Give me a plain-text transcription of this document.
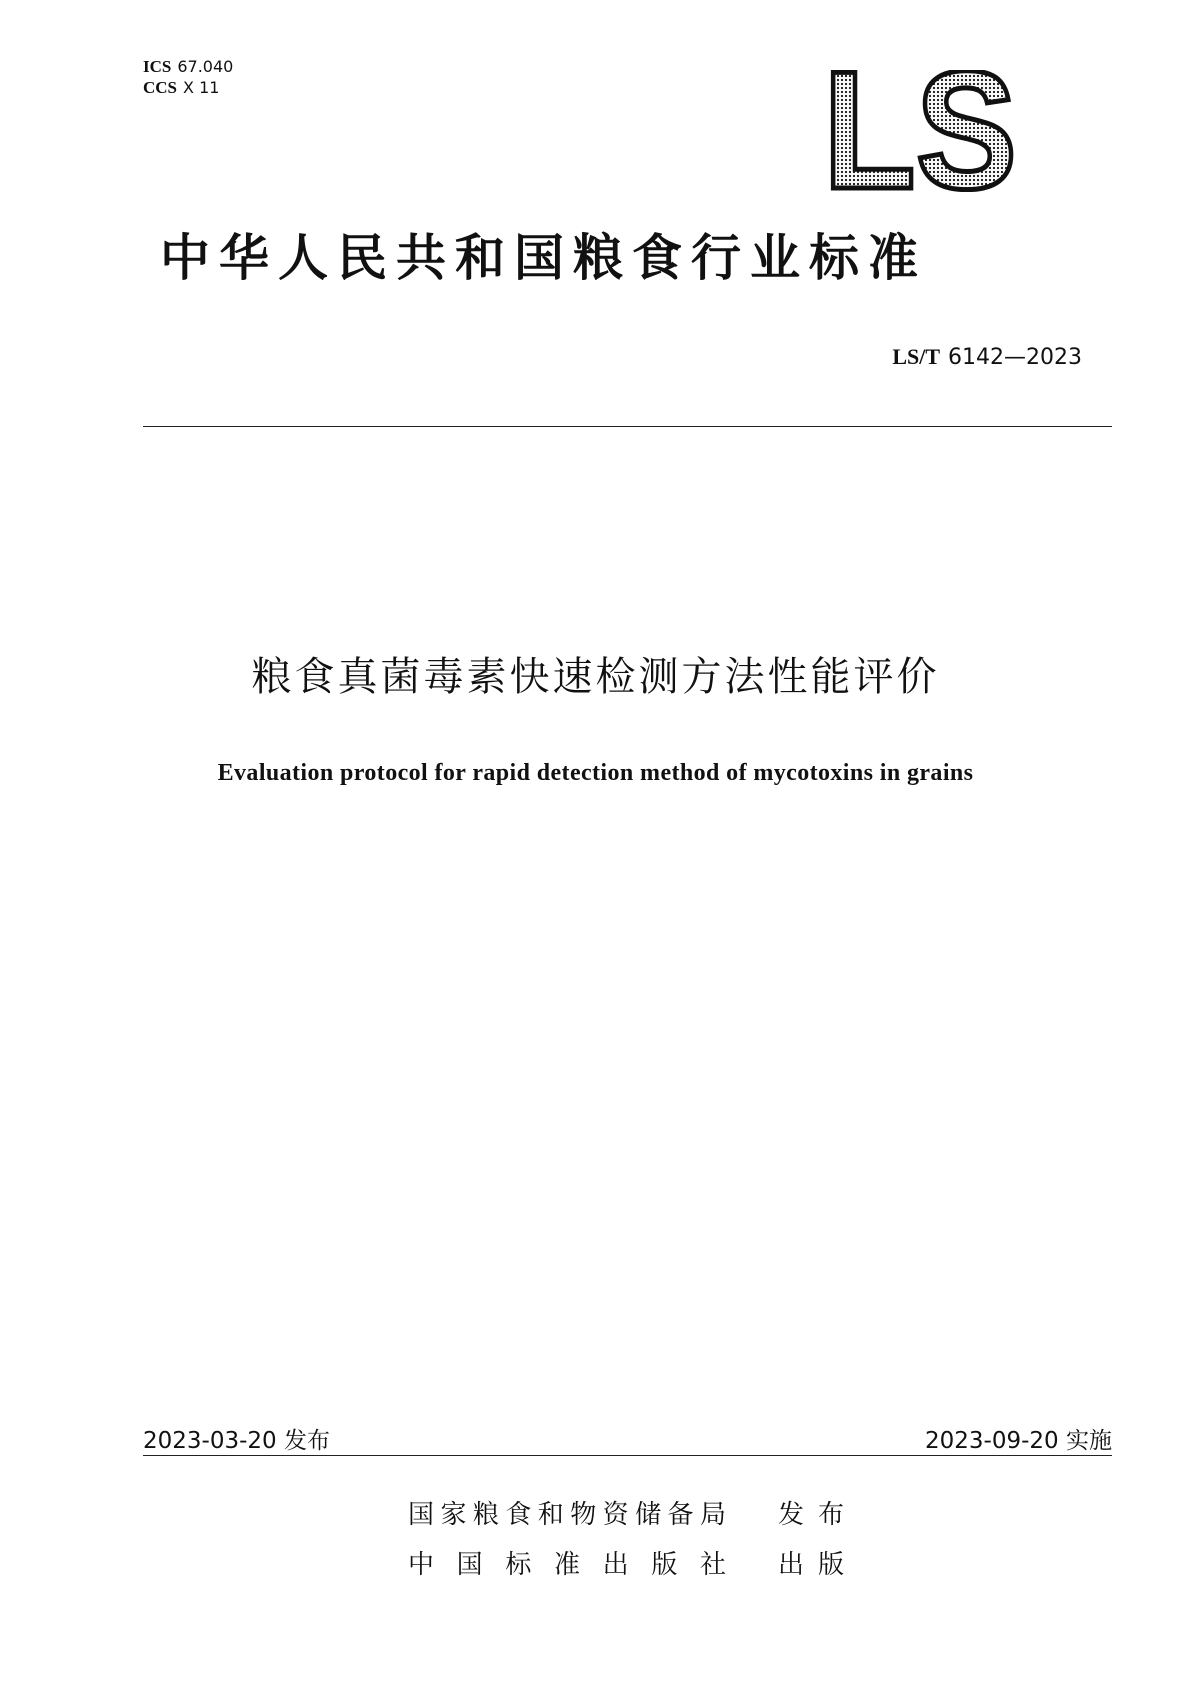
ICS 67.040
CCS X 11	LS
中华人民共和国粮食行业标准
LS/T 6142—2023
粮食真菌毒素快速检测方法性能评价
Evaluation protocol for rapid detection method of mycotoxins in grains
2023-03-20 发布	2023-09-20 实施
国家粮食和物资储备局 发布
中国标准出版社 出版
